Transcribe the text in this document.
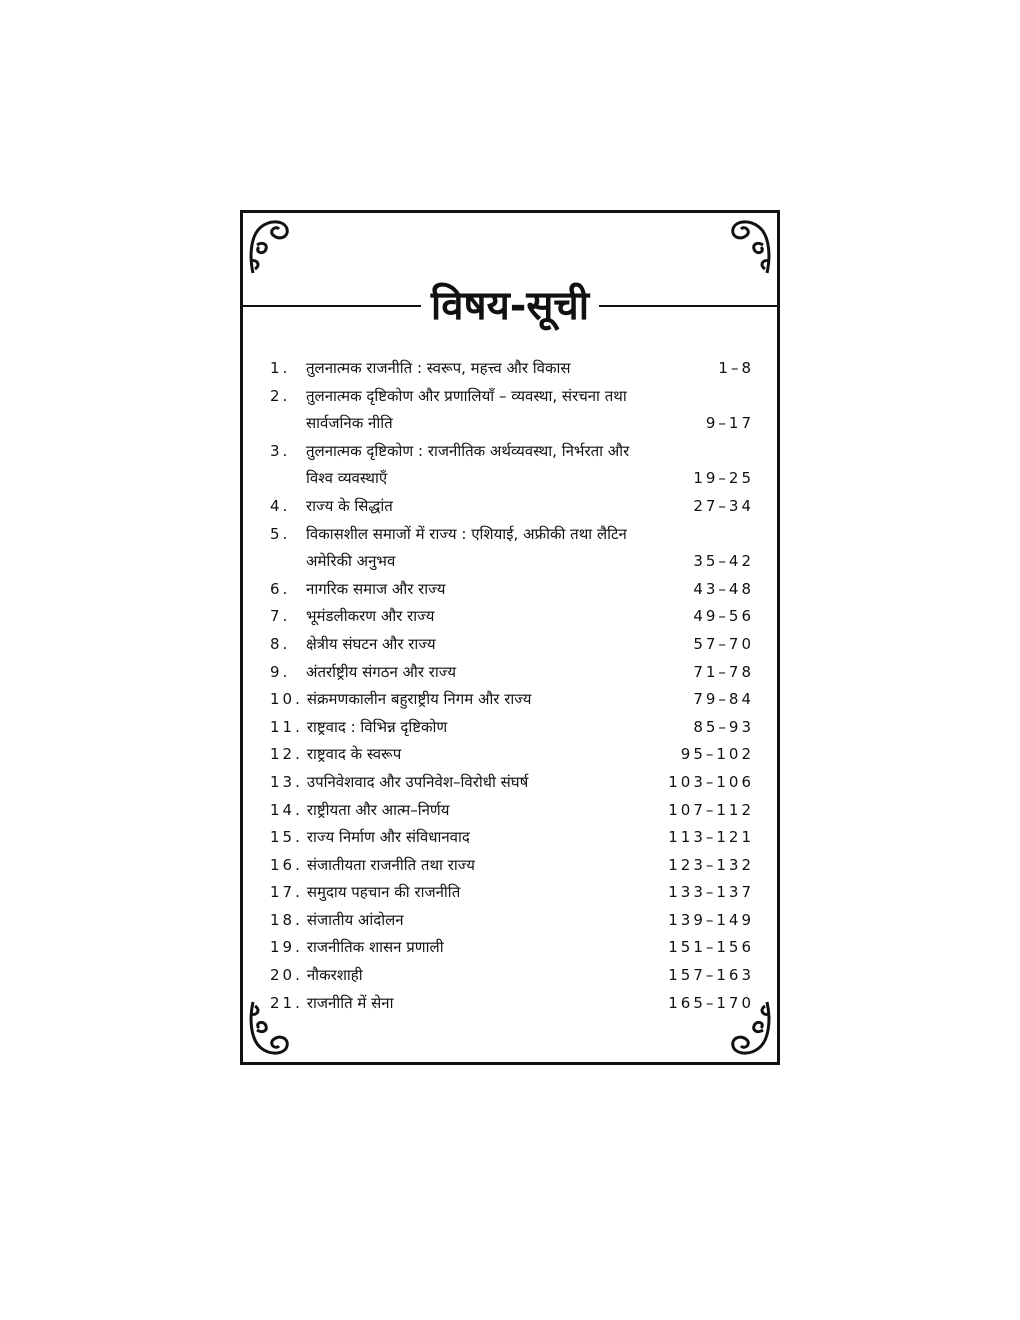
विषय-सूची
1.	तुलनात्मक राजनीति : स्वरूप, महत्त्व और विकास	1–8
2.	तुलनात्मक दृष्टिकोण और प्रणालियाँ – व्यवस्था, संरचना तथा
सार्वजनिक नीति	9–17
3.	तुलनात्मक दृष्टिकोण : राजनीतिक अर्थव्यवस्था, निर्भरता और
विश्व व्यवस्थाएँ	19–25
4.	राज्य के सिद्धांत	27–34
5.	विकासशील समाजों में राज्य : एशियाई, अफ्रीकी तथा लैटिन
अमेरिकी अनुभव	35–42
6.	नागरिक समाज और राज्य	43–48
7.	भूमंडलीकरण और राज्य	49–56
8.	क्षेत्रीय संघटन और राज्य	57–70
9.	अंतर्राष्ट्रीय संगठन और राज्य	71–78
10. संक्रमणकालीन बहुराष्ट्रीय निगम और राज्य	79–84
11. राष्ट्रवाद : विभिन्न दृष्टिकोण	85–93
12. राष्ट्रवाद के स्वरूप	95–102
13. उपनिवेशवाद और उपनिवेश–विरोधी संघर्ष	103–106
14. राष्ट्रीयता और आत्म–निर्णय	107–112
15. राज्य निर्माण और संविधानवाद	113–121
16. संजातीयता राजनीति तथा राज्य	123–132
17. समुदाय पहचान की राजनीति	133–137
18. संजातीय आंदोलन	139–149
19. राजनीतिक शासन प्रणाली	151–156
20. नौकरशाही	157–163
21. राजनीति में सेना	165–170
